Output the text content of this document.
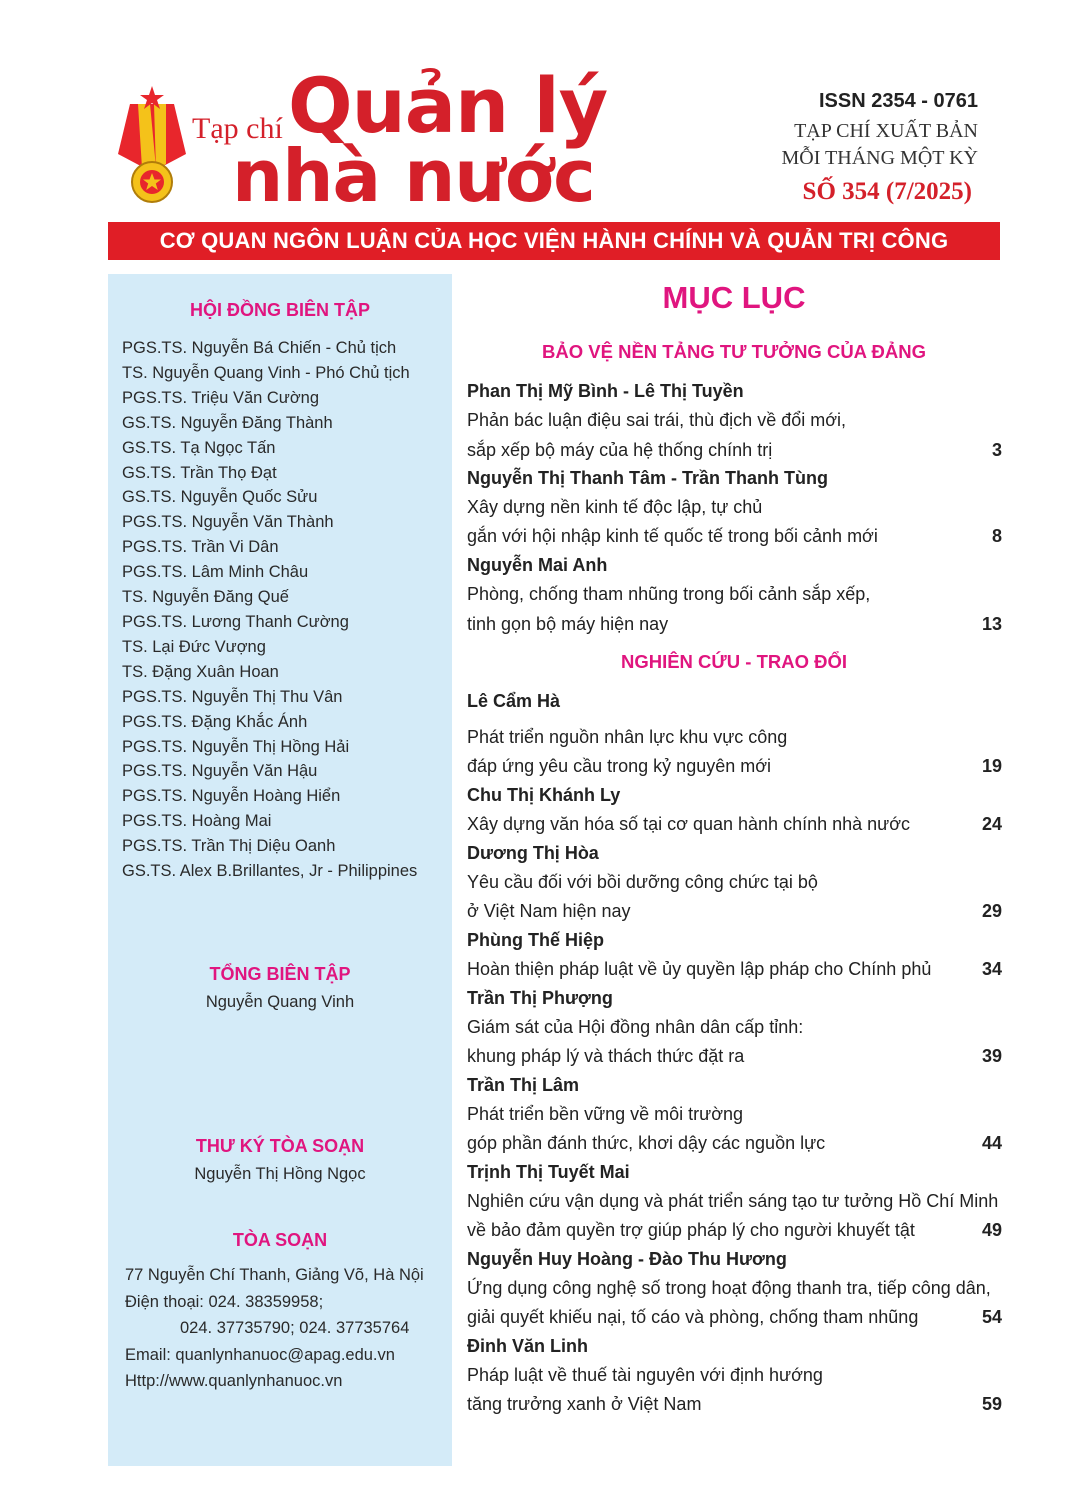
Tạp chí Quản lý
nhà nước
ISSN 2354 - 0761
TẠP CHÍ XUẤT BẢN
MỖI THÁNG MỘT KỲ
SỐ 354 (7/2025)
CƠ QUAN NGÔN LUẬN CỦA HỌC VIỆN HÀNH CHÍNH VÀ QUẢN TRỊ CÔNG
HỘI ĐỒNG BIÊN TẬP
PGS.TS. Nguyễn Bá Chiến - Chủ tịch
TS. Nguyễn Quang Vinh - Phó Chủ tịch
PGS.TS. Triệu Văn Cường
GS.TS. Nguyễn Đăng Thành
GS.TS. Tạ Ngọc Tấn
GS.TS. Trần Thọ Đạt
GS.TS. Nguyễn Quốc Sửu
PGS.TS. Nguyễn Văn Thành
PGS.TS. Trần Vi Dân
PGS.TS. Lâm Minh Châu
TS. Nguyễn Đăng Quế
PGS.TS. Lương Thanh Cường
TS. Lại Đức Vượng
TS. Đặng Xuân Hoan
PGS.TS. Nguyễn Thị Thu Vân
PGS.TS. Đặng Khắc Ánh
PGS.TS. Nguyễn Thị Hồng Hải
PGS.TS. Nguyễn Văn Hậu
PGS.TS. Nguyễn Hoàng Hiển
PGS.TS. Hoàng Mai
PGS.TS. Trần Thị Diệu Oanh
GS.TS. Alex B.Brillantes, Jr - Philippines
TỔNG BIÊN TẬP
Nguyễn Quang Vinh
THƯ KÝ TÒA SOẠN
Nguyễn Thị Hồng Ngọc
TÒA SOẠN
77 Nguyễn Chí Thanh, Giảng Võ, Hà Nội
Điện thoại: 024. 38359958;
024. 37735790; 024. 37735764
Email: quanlynhanuoc@apag.edu.vn
Http://www.quanlynhanuoc.vn
MỤC LỤC
BẢO VỆ NỀN TẢNG TƯ TƯỞNG CỦA ĐẢNG
Phan Thị Mỹ Bình - Lê Thị Tuyền
Phản bác luận điệu sai trái, thù địch về đổi mới,
sắp xếp bộ máy của hệ thống chính trị	3
Nguyễn Thị Thanh Tâm - Trần Thanh Tùng
Xây dựng nền kinh tế độc lập, tự chủ
gắn với hội nhập kinh tế quốc tế trong bối cảnh mới	8
Nguyễn Mai Anh
Phòng, chống tham nhũng trong bối cảnh sắp xếp,
tinh gọn bộ máy hiện nay	13
NGHIÊN CỨU - TRAO ĐỔI
Lê Cẩm Hà
Phát triển nguồn nhân lực khu vực công
đáp ứng yêu cầu trong kỷ nguyên mới	19
Chu Thị Khánh Ly
Xây dựng văn hóa số tại cơ quan hành chính nhà nước	24
Dương Thị Hòa
Yêu cầu đối với bồi dưỡng công chức tại bộ
ở Việt Nam hiện nay	29
Phùng Thế Hiệp
Hoàn thiện pháp luật về ủy quyền lập pháp cho Chính phủ	34
Trần Thị Phượng
Giám sát của Hội đồng nhân dân cấp tỉnh:
khung pháp lý và thách thức đặt ra	39
Trần Thị Lâm
Phát triển bền vững về môi trường
góp phần đánh thức, khơi dậy các nguồn lực	44
Trịnh Thị Tuyết Mai
Nghiên cứu vận dụng và phát triển sáng tạo tư tưởng Hồ Chí Minh
về bảo đảm quyền trợ giúp pháp lý cho người khuyết tật	49
Nguyễn Huy Hoàng - Đào Thu Hương
Ứng dụng công nghệ số trong hoạt động thanh tra, tiếp công dân,
giải quyết khiếu nại, tố cáo và phòng, chống tham nhũng	54
Đinh Văn Linh
Pháp luật về thuế tài nguyên với định hướng
tăng trưởng xanh ở Việt Nam	59
